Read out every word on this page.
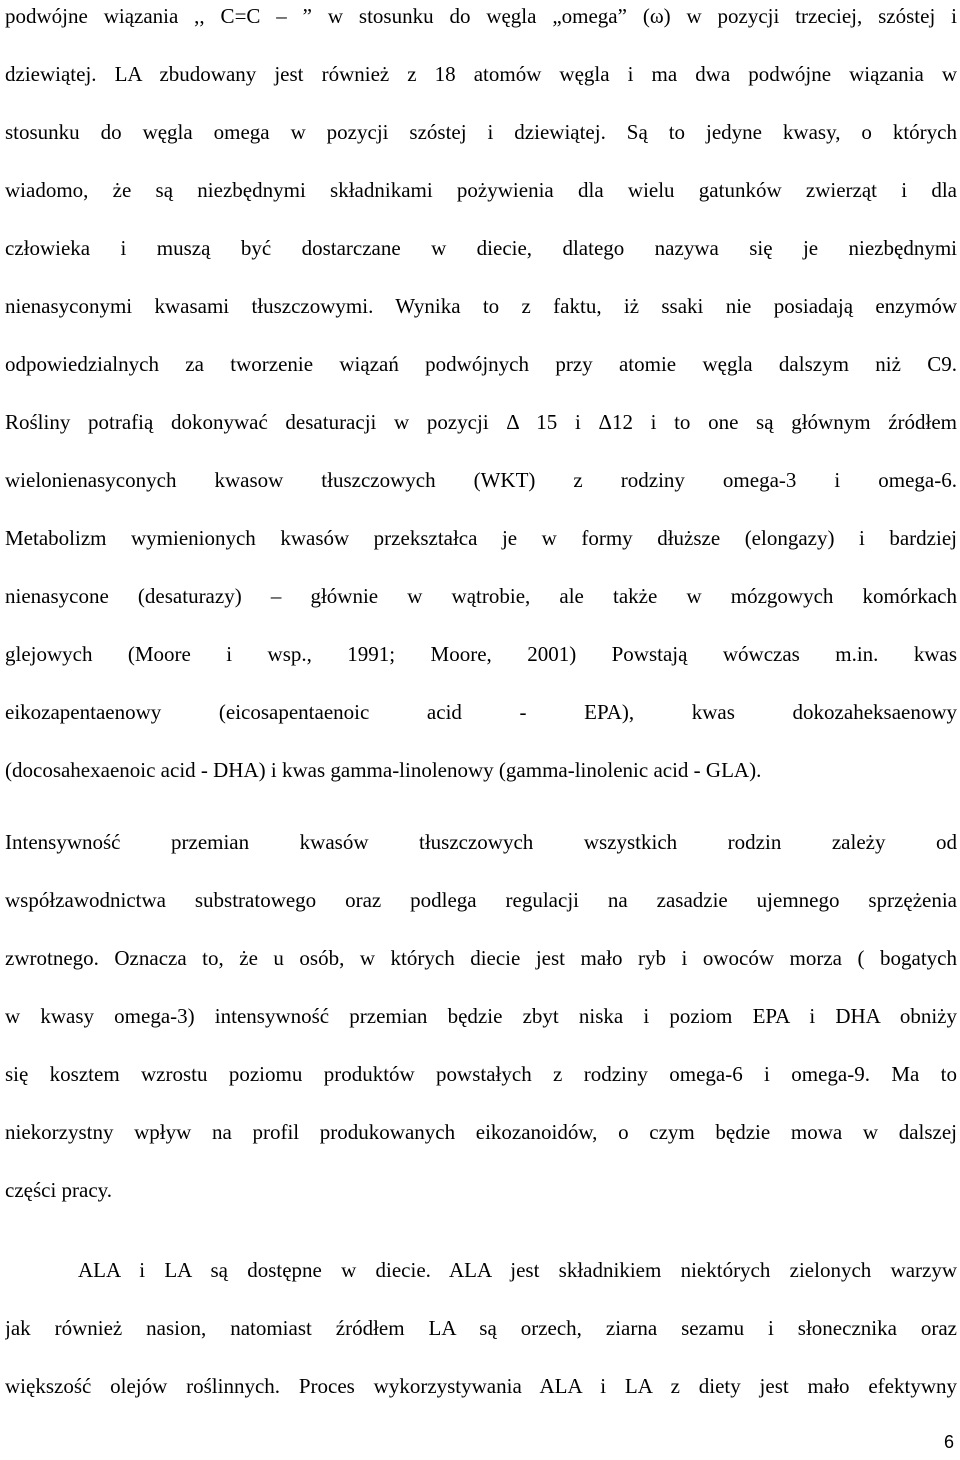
podwójne wiązania ,, C=C – ” w stosunku do węgla „omega” (ω) w pozycji trzeciej, szóstej i
dziewiątej. LA zbudowany jest również z 18 atomów węgla i ma dwa podwójne wiązania w
stosunku do węgla omega w pozycji szóstej i dziewiątej. Są to jedyne kwasy, o których
wiadomo, że są niezbędnymi składnikami pożywienia dla wielu gatunków zwierząt i dla
człowieka i muszą być dostarczane w diecie, dlatego nazywa się je niezbędnymi
nienasyconymi kwasami tłuszczowymi. Wynika to z faktu, iż ssaki nie posiadają enzymów
odpowiedzialnych za tworzenie wiązań podwójnych przy atomie węgla dalszym niż C9.
Rośliny potrafią dokonywać desaturacji w pozycji Δ 15 i Δ12 i to one są głównym źródłem
wielonienasyconych kwasow tłuszczowych (WKT) z rodziny omega-3 i omega-6.
Metabolizm wymienionych kwasów przekształca je w formy dłuższe (elongazy) i bardziej
nienasycone (desaturazy) – głównie w wątrobie, ale także w mózgowych komórkach
glejowych (Moore i wsp., 1991; Moore, 2001) Powstają wówczas m.in. kwas
eikozapentaenowy (eicosapentaenoic acid - EPA), kwas dokozaheksaenowy
(docosahexaenoic acid - DHA) i kwas gamma-linolenowy (gamma-linolenic acid - GLA).
Intensywność przemian kwasów tłuszczowych wszystkich rodzin zależy od
współzawodnictwa substratowego oraz podlega regulacji na zasadzie ujemnego sprzężenia
zwrotnego. Oznacza to, że u osób, w których diecie jest mało ryb i owoców morza ( bogatych
w kwasy omega-3) intensywność przemian będzie zbyt niska i poziom EPA i DHA obniży
się kosztem wzrostu poziomu produktów powstałych z rodziny omega-6 i omega-9. Ma to
niekorzystny wpływ na profil produkowanych eikozanoidów, o czym będzie mowa w dalszej
części pracy.
ALA i LA są dostępne w diecie. ALA jest składnikiem niektórych zielonych warzyw
jak również nasion, natomiast źródłem LA są orzech, ziarna sezamu i słonecznika oraz
większość olejów roślinnych. Proces wykorzystywania ALA i LA z diety jest mało efektywny
6
